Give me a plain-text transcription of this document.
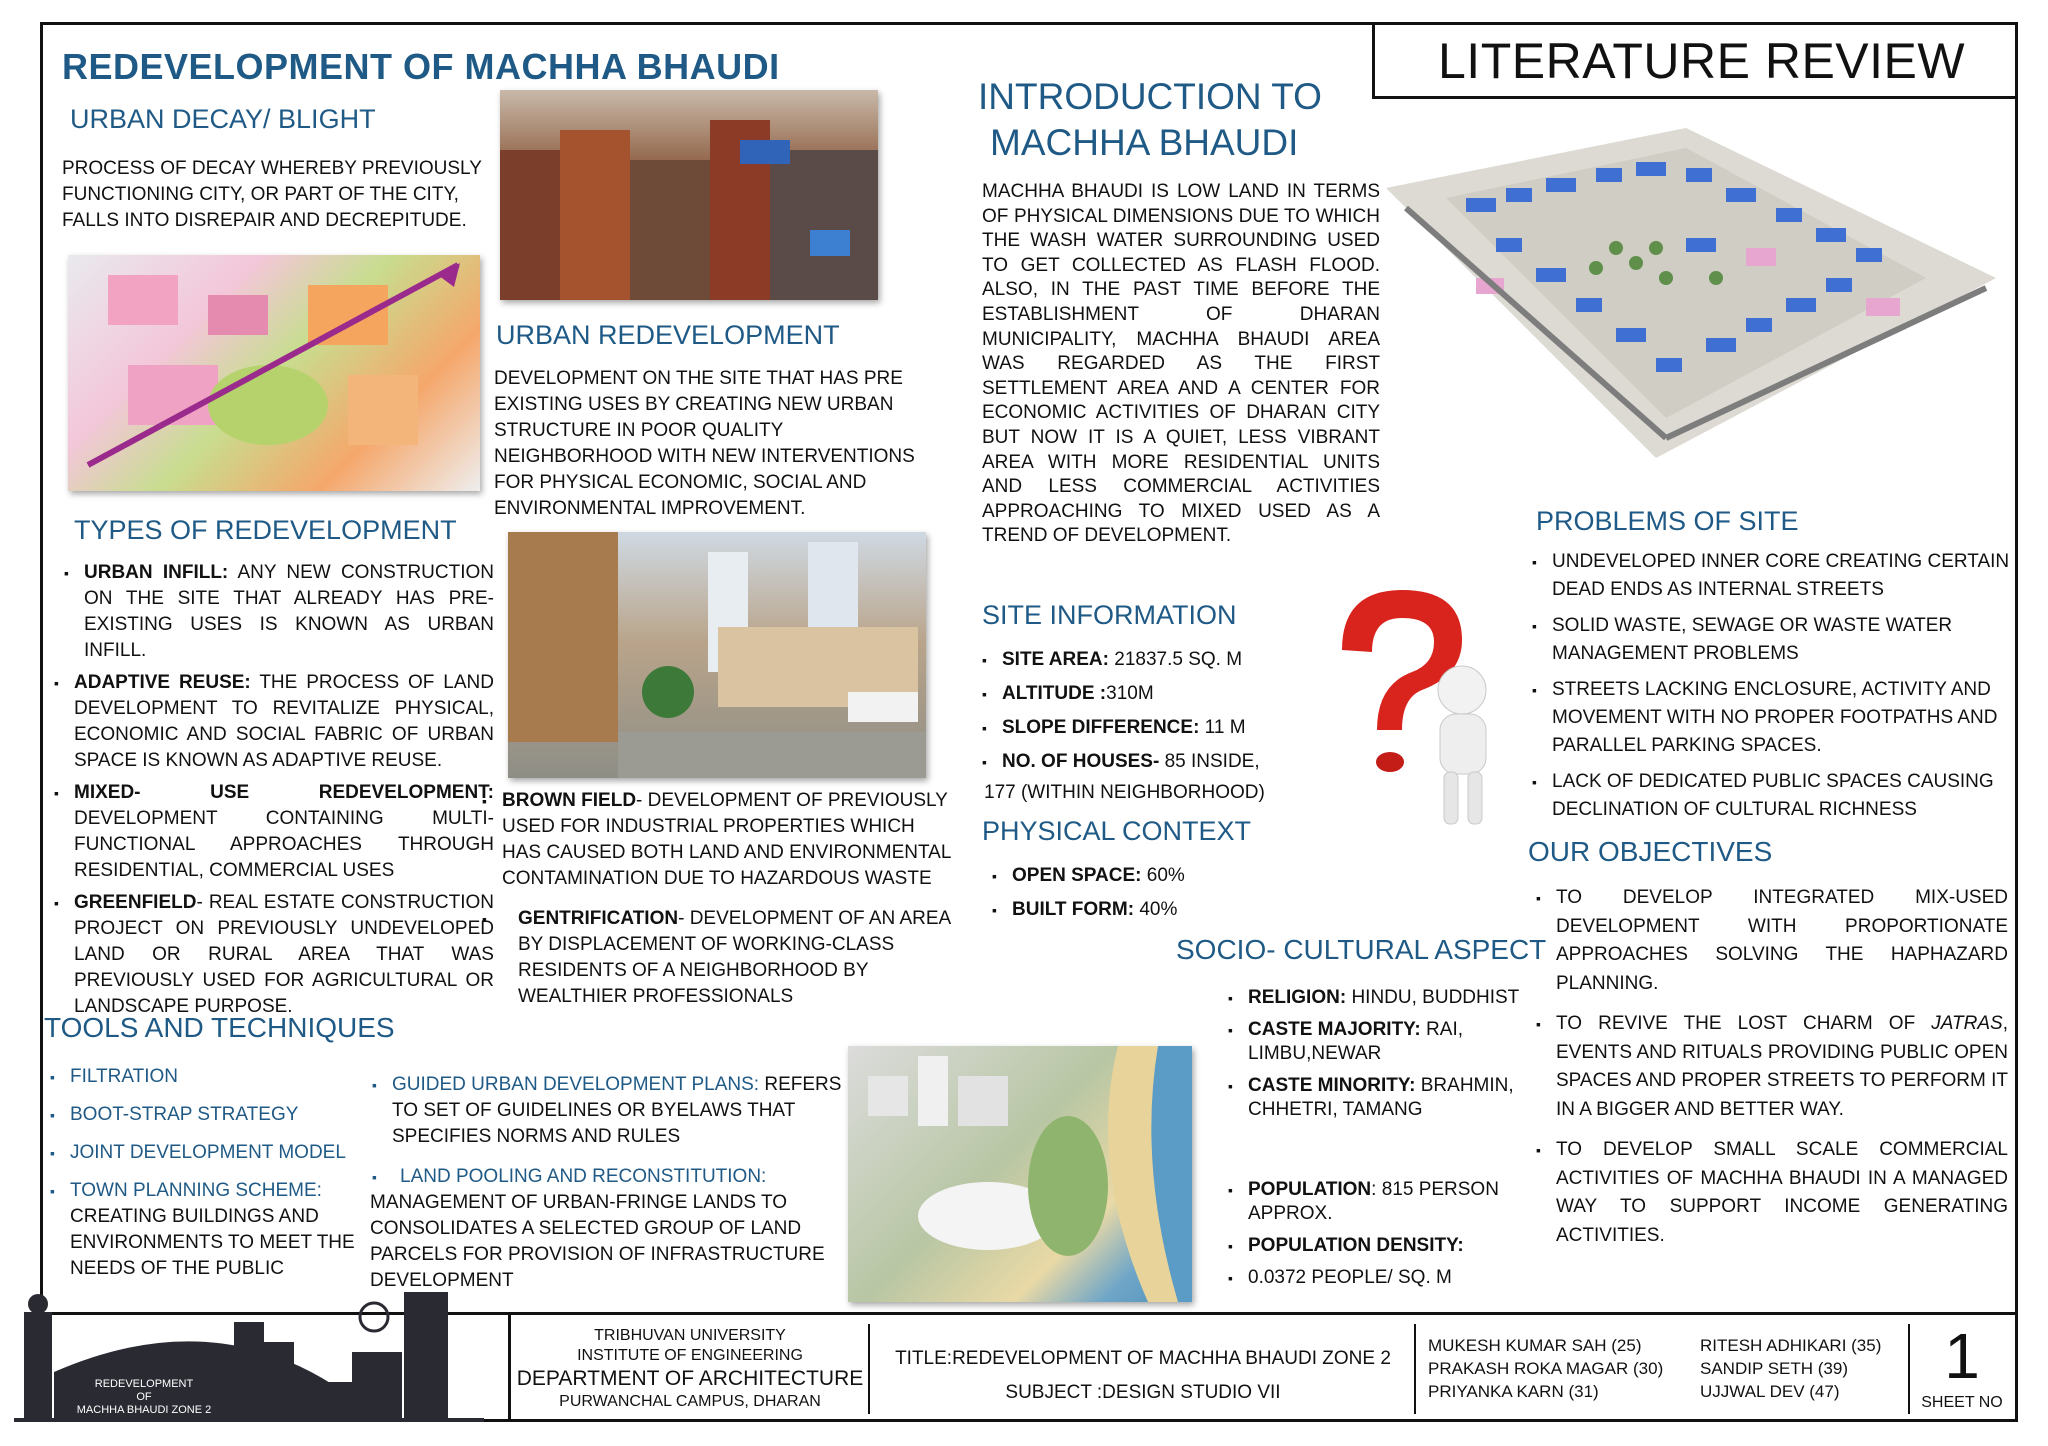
REDEVELOPMENT OF MACHHA BHAUDI	LITERATURE REVIEW
URBAN DECAY/ BLIGHT
PROCESS OF DECAY WHEREBY PREVIOUSLY FUNCTIONING CITY, OR PART OF THE CITY, FALLS INTO DISREPAIR AND DECREPITUDE.
TYPES OF REDEVELOPMENT
▪ URBAN INFILL: ANY NEW CONSTRUCTION ON THE SITE THAT ALREADY HAS PRE-EXISTING USES IS KNOWN AS URBAN INFILL.
▪ ADAPTIVE REUSE: THE PROCESS OF LAND DEVELOPMENT TO REVITALIZE PHYSICAL, ECONOMIC AND SOCIAL FABRIC OF URBAN SPACE IS KNOWN AS ADAPTIVE REUSE.
▪ MIXED- USE REDEVELOPMENT: DEVELOPMENT CONTAINING MULTI-FUNCTIONAL APPROACHES THROUGH RESIDENTIAL, COMMERCIAL USES
▪ GREENFIELD- REAL ESTATE CONSTRUCTION PROJECT ON PREVIOUSLY UNDEVELOPED LAND OR RURAL AREA THAT WAS PREVIOUSLY USED FOR AGRICULTURAL OR LANDSCAPE PURPOSE.
TOOLS AND TECHNIQUES
▪ FILTRATION
▪ BOOT-STRAP STRATEGY
▪ JOINT DEVELOPMENT MODEL
▪ TOWN PLANNING SCHEME:
CREATING BUILDINGS AND ENVIRONMENTS TO MEET THE NEEDS OF THE PUBLIC
URBAN REDEVELOPMENT
DEVELOPMENT ON THE SITE THAT HAS PRE EXISTING USES BY CREATING NEW URBAN STRUCTURE IN POOR QUALITY NEIGHBORHOOD WITH NEW INTERVENTIONS FOR PHYSICAL ECONOMIC, SOCIAL AND ENVIRONMENTAL IMPROVEMENT.
▪ BROWN FIELD- DEVELOPMENT OF PREVIOUSLY USED FOR INDUSTRIAL PROPERTIES WHICH HAS CAUSED BOTH LAND AND ENVIRONMENTAL CONTAMINATION DUE TO HAZARDOUS WASTE
▪ GENTRIFICATION- DEVELOPMENT OF AN AREA BY DISPLACEMENT OF WORKING-CLASS RESIDENTS OF A NEIGHBORHOOD BY WEALTHIER PROFESSIONALS
▪ GUIDED URBAN DEVELOPMENT PLANS: REFERS TO SET OF GUIDELINES OR BYELAWS THAT SPECIFIES NORMS AND RULES
▪ LAND POOLING AND RECONSTITUTION:
MANAGEMENT OF URBAN-FRINGE LANDS TO CONSOLIDATES A SELECTED GROUP OF LAND PARCELS FOR PROVISION OF INFRASTRUCTURE DEVELOPMENT
INTRODUCTION TO
MACHHA BHAUDI
MACHHA BHAUDI IS LOW LAND IN TERMS OF PHYSICAL DIMENSIONS DUE TO WHICH THE WASH WATER SURROUNDING USED TO GET COLLECTED AS FLASH FLOOD. ALSO, IN THE PAST TIME BEFORE THE ESTABLISHMENT OF DHARAN MUNICIPALITY, MACHHA BHAUDI AREA WAS REGARDED AS THE FIRST SETTLEMENT AREA AND A CENTER FOR ECONOMIC ACTIVITIES OF DHARAN CITY BUT NOW IT IS A QUIET, LESS VIBRANT AREA WITH MORE RESIDENTIAL UNITS AND LESS COMMERCIAL ACTIVITIES APPROACHING TO MIXED USED AS A TREND OF DEVELOPMENT.
SITE INFORMATION
▪ SITE AREA: 21837.5 SQ. M
▪ ALTITUDE :310M
▪ SLOPE DIFFERENCE: 11 M
▪ NO. OF HOUSES- 85 INSIDE,
177 (WITHIN NEIGHBORHOOD)
PHYSICAL CONTEXT
▪ OPEN SPACE: 60%
▪ BUILT FORM: 40%
SOCIO- CULTURAL ASPECT
▪ RELIGION: HINDU, BUDDHIST
▪ CASTE MAJORITY: RAI, LIMBU,NEWAR
▪ CASTE MINORITY: BRAHMIN, CHHETRI, TAMANG
▪ POPULATION: 815 PERSON APPROX.
▪ POPULATION DENSITY:
▪ 0.0372 PEOPLE/ SQ. M
PROBLEMS OF SITE
▪ UNDEVELOPED INNER CORE CREATING CERTAIN DEAD ENDS AS INTERNAL STREETS
▪ SOLID WASTE, SEWAGE OR WASTE WATER MANAGEMENT PROBLEMS
▪ STREETS LACKING ENCLOSURE, ACTIVITY AND MOVEMENT WITH NO PROPER FOOTPATHS AND PARALLEL PARKING SPACES.
▪ LACK OF DEDICATED PUBLIC SPACES CAUSING DECLINATION OF CULTURAL RICHNESS
OUR OBJECTIVES
▪ TO DEVELOP INTEGRATED MIX-USED DEVELOPMENT WITH PROPORTIONATE APPROACHES SOLVING THE HAPHAZARD PLANNING.
▪ TO REVIVE THE LOST CHARM OF JATRAS, EVENTS AND RITUALS PROVIDING PUBLIC OPEN SPACES AND PROPER STREETS TO PERFORM IT IN A BIGGER AND BETTER WAY.
▪ TO DEVELOP SMALL SCALE COMMERCIAL ACTIVITIES OF MACHHA BHAUDI IN A MANAGED WAY TO SUPPORT INCOME GENERATING ACTIVITIES.
REDEVELOPMENT
OF
MACHHA BHAUDI ZONE 2
TRIBHUVAN UNIVERSITY
INSTITUTE OF ENGINEERING
DEPARTMENT OF ARCHITECTURE
PURWANCHAL CAMPUS, DHARAN
TITLE:REDEVELOPMENT OF MACHHA BHAUDI ZONE 2
SUBJECT :DESIGN STUDIO VII
MUKESH KUMAR SAH (25)
PRAKASH ROKA MAGAR (30)
PRIYANKA KARN (31)
RITESH ADHIKARI (35)
SANDIP SETH (39)
UJJWAL DEV (47)	1
SHEET NO
